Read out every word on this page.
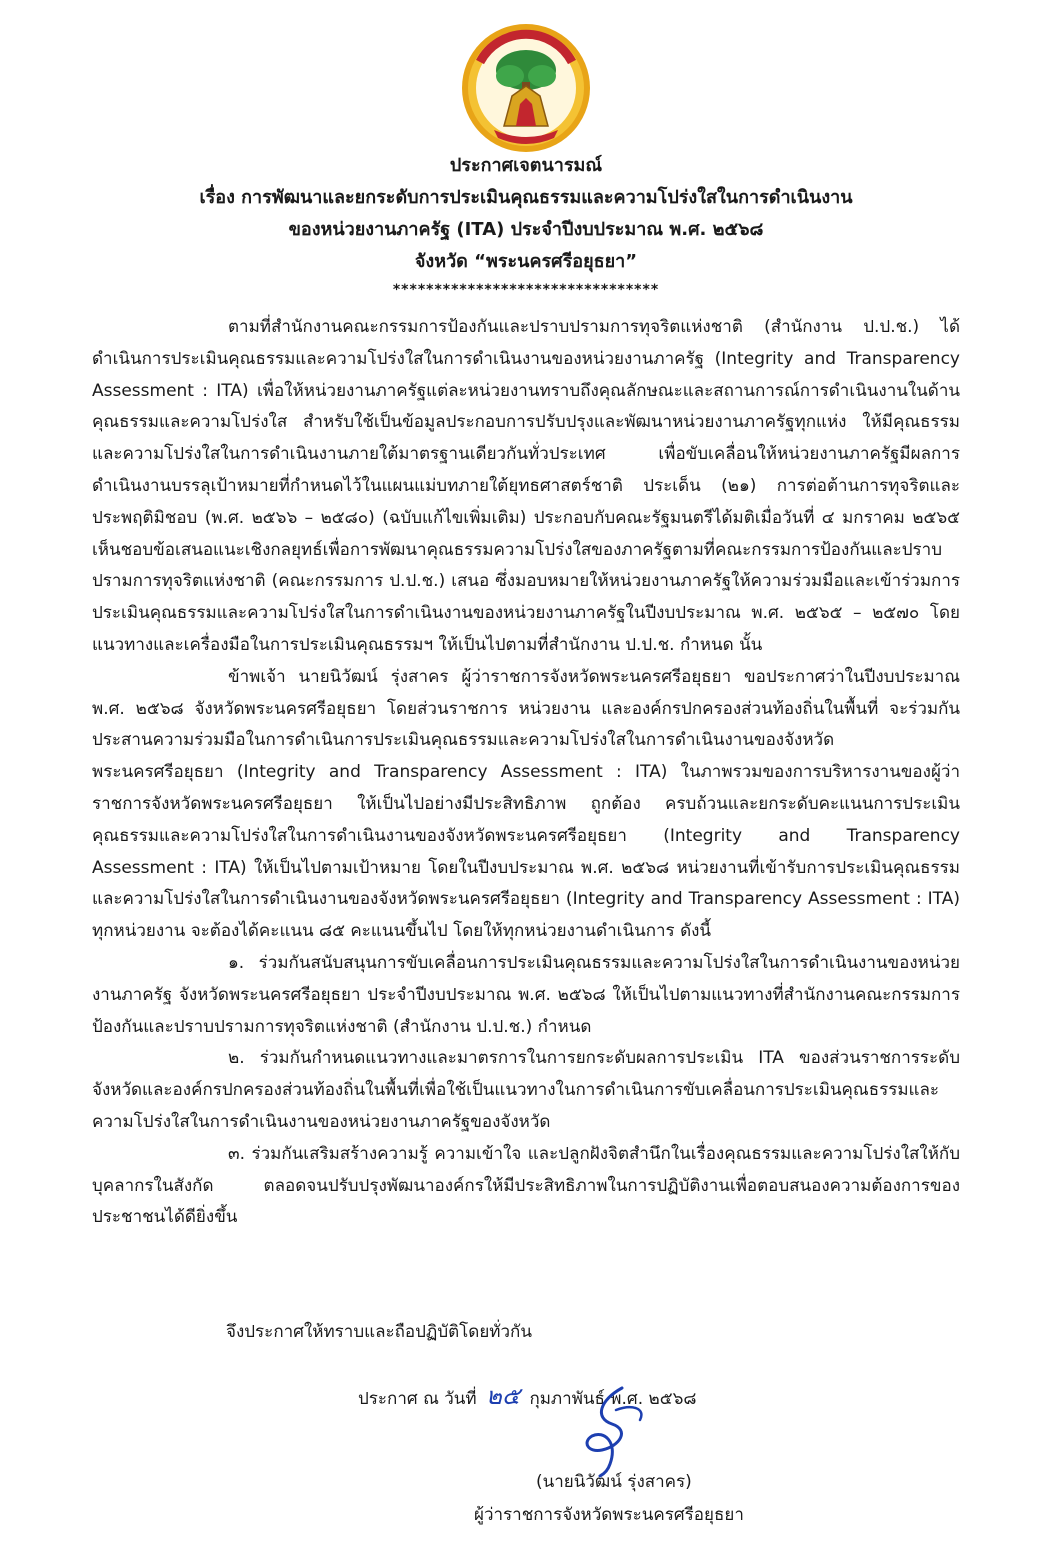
ประกาศเจตนารมณ์
เรื่อง การพัฒนาและยกระดับการประเมินคุณธรรมและความโปร่งใสในการดำเนินงาน
ของหน่วยงานภาครัฐ (ITA) ประจำปีงบประมาณ พ.ศ. ๒๕๖๘
จังหวัด “พระนครศรีอยุธยา”
********************************

ตามที่สำนักงานคณะกรรมการป้องกันและปราบปรามการทุจริตแห่งชาติ (สำนักงาน ป.ป.ช.) ได้ดำเนินการประเมินคุณธรรมและความโปร่งใสในการดำเนินงานของหน่วยงานภาครัฐ (Integrity and Transparency Assessment : ITA) เพื่อให้หน่วยงานภาครัฐแต่ละหน่วยงานทราบถึงคุณลักษณะและสถานการณ์การดำเนินงานในด้านคุณธรรมและความโปร่งใส สำหรับใช้เป็นข้อมูลประกอบการปรับปรุงและพัฒนาหน่วยงานภาครัฐทุกแห่ง ให้มีคุณธรรมและความโปร่งใสในการดำเนินงานภายใต้มาตรฐานเดียวกันทั่วประเทศ เพื่อขับเคลื่อนให้หน่วยงานภาครัฐมีผลการดำเนินงานบรรลุเป้าหมายที่กำหนดไว้ในแผนแม่บทภายใต้ยุทธศาสตร์ชาติ ประเด็น (๒๑) การต่อต้านการทุจริตและประพฤติมิชอบ (พ.ศ. ๒๕๖๖ – ๒๕๘๐) (ฉบับแก้ไขเพิ่มเติม) ประกอบกับคณะรัฐมนตรีได้มติเมื่อวันที่ ๔ มกราคม ๒๕๖๕ เห็นชอบข้อเสนอแนะเชิงกลยุทธ์เพื่อการพัฒนาคุณธรรมความโปร่งใสของภาครัฐตามที่คณะกรรมการป้องกันและปราบปรามการทุจริตแห่งชาติ (คณะกรรมการ ป.ป.ช.) เสนอ ซึ่งมอบหมายให้หน่วยงานภาครัฐให้ความร่วมมือและเข้าร่วมการประเมินคุณธรรมและความโปร่งใสในการดำเนินงานของหน่วยงานภาครัฐในปีงบประมาณ พ.ศ. ๒๕๖๕ – ๒๕๗๐ โดยแนวทางและเครื่องมือในการประเมินคุณธรรมฯ ให้เป็นไปตามที่สำนักงาน ป.ป.ช. กำหนด นั้น

ข้าพเจ้า นายนิวัฒน์ รุ่งสาคร ผู้ว่าราชการจังหวัดพระนครศรีอยุธยา ขอประกาศว่าในปีงบประมาณ พ.ศ. ๒๕๖๘ จังหวัดพระนครศรีอยุธยา โดยส่วนราชการ หน่วยงาน และองค์กรปกครองส่วนท้องถิ่นในพื้นที่ จะร่วมกันประสานความร่วมมือในการดำเนินการประเมินคุณธรรมและความโปร่งใสในการดำเนินงานของจังหวัดพระนครศรีอยุธยา (Integrity and Transparency Assessment : ITA) ในภาพรวมของการบริหารงานของผู้ว่าราชการจังหวัดพระนครศรีอยุธยา ให้เป็นไปอย่างมีประสิทธิภาพ ถูกต้อง ครบถ้วนและยกระดับคะแนนการประเมินคุณธรรมและความโปร่งใสในการดำเนินงานของจังหวัดพระนครศรีอยุธยา (Integrity and Transparency Assessment : ITA) ให้เป็นไปตามเป้าหมาย โดยในปีงบประมาณ พ.ศ. ๒๕๖๘ หน่วยงานที่เข้ารับการประเมินคุณธรรมและความโปร่งใสในการดำเนินงานของจังหวัดพระนครศรีอยุธยา (Integrity and Transparency Assessment : ITA) ทุกหน่วยงาน จะต้องได้คะแนน ๘๕ คะแนนขึ้นไป โดยให้ทุกหน่วยงานดำเนินการ ดังนี้

๑. ร่วมกันสนับสนุนการขับเคลื่อนการประเมินคุณธรรมและความโปร่งใสในการดำเนินงานของหน่วยงานภาครัฐ จังหวัดพระนครศรีอยุธยา ประจำปีงบประมาณ พ.ศ. ๒๕๖๘ ให้เป็นไปตามแนวทางที่สำนักงานคณะกรรมการป้องกันและปราบปรามการทุจริตแห่งชาติ (สำนักงาน ป.ป.ช.) กำหนด

๒. ร่วมกันกำหนดแนวทางและมาตรการในการยกระดับผลการประเมิน ITA ของส่วนราชการระดับจังหวัดและองค์กรปกครองส่วนท้องถิ่นในพื้นที่เพื่อใช้เป็นแนวทางในการดำเนินการขับเคลื่อนการประเมินคุณธรรมและความโปร่งใสในการดำเนินงานของหน่วยงานภาครัฐของจังหวัด

๓. ร่วมกันเสริมสร้างความรู้ ความเข้าใจ และปลูกฝังจิตสำนึกในเรื่องคุณธรรมและความโปร่งใสให้กับบุคลากรในสังกัด ตลอดจนปรับปรุงพัฒนาองค์กรให้มีประสิทธิภาพในการปฏิบัติงานเพื่อตอบสนองความต้องการของประชาชนได้ดียิ่งขึ้น

จึงประกาศให้ทราบและถือปฏิบัติโดยทั่วกัน
ประกาศ ณ วันที่ ๒๕ กุมภาพันธ์ พ.ศ. ๒๕๖๘
(นายนิวัฒน์ รุ่งสาคร)
ผู้ว่าราชการจังหวัดพระนครศรีอยุธยา
